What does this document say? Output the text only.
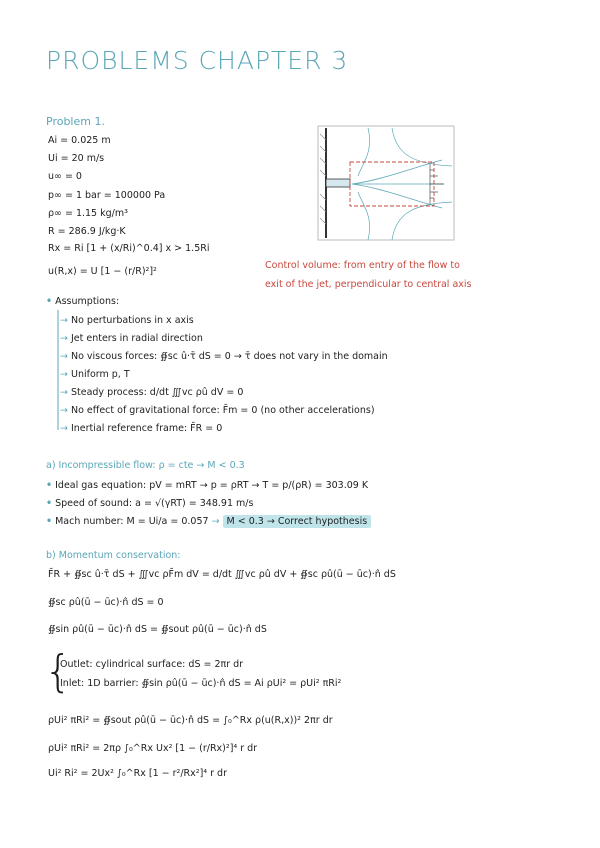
PROBLEMS CHAPTER 3
Problem 1.
Ai = 0.025 m
Ui = 20 m/s
u∞ = 0
p∞ = 1 bar = 100000 Pa
ρ∞ = 1.15 kg/m³
R = 286.9 J/kg·K
Rx = Ri [1 + (x/Ri)^0.4] x > 1.5Ri
u(R,x) = U [1 − (r/R)²]²
Control volume: from entry of the flow to
exit of the jet, perpendicular to central axis
• Assumptions:
→ No perturbations in x axis
→ Jet enters in radial direction
→ No viscous forces: ∯sc û·τ̄ dS = 0 → τ̄ does not vary in the domain
→ Uniform p, T
→ Steady process: d/dt ∭vc ρû dV = 0
→ No effect of gravitational force: F̄m = 0 (no other accelerations)
→ Inertial reference frame: F̄R = 0
a) Incompressible flow: ρ = cte → M < 0.3
• Ideal gas equation: pV = mRT → p = ρRT → T = p/(ρR) = 303.09 K
• Speed of sound: a = √(γRT) = 348.91 m/s
• Mach number: M = Ui/a = 0.057 → M < 0.3 → Correct hypothesis
b) Momentum conservation:
F̄R + ∯sc û·τ̄ dS + ∭vc ρF̄m dV = d/dt ∭vc ρû dV + ∯sc ρû(ū − ūc)·n̂ dS
∯sc ρû(ū − ūc)·n̂ dS = 0
∯sin ρû(ū − ūc)·n̂ dS = ∯sout ρû(ū − ūc)·n̂ dS
{
Outlet: cylindrical surface: dS = 2πr dr
Inlet: 1D barrier: ∯sin ρû(ū − ūc)·n̂ dS = Ai ρUi² = ρUi² πRi²
ρUi² πRi² = ∯sout ρû(ū − ūc)·n̂ dS = ∫₀^Rx ρ(u(R,x))² 2πr dr
ρUi² πRi² = 2πρ ∫₀^Rx Ux² [1 − (r/Rx)²]⁴ r dr
Ui² Ri² = 2Ux² ∫₀^Rx [1 − r²/Rx²]⁴ r dr
